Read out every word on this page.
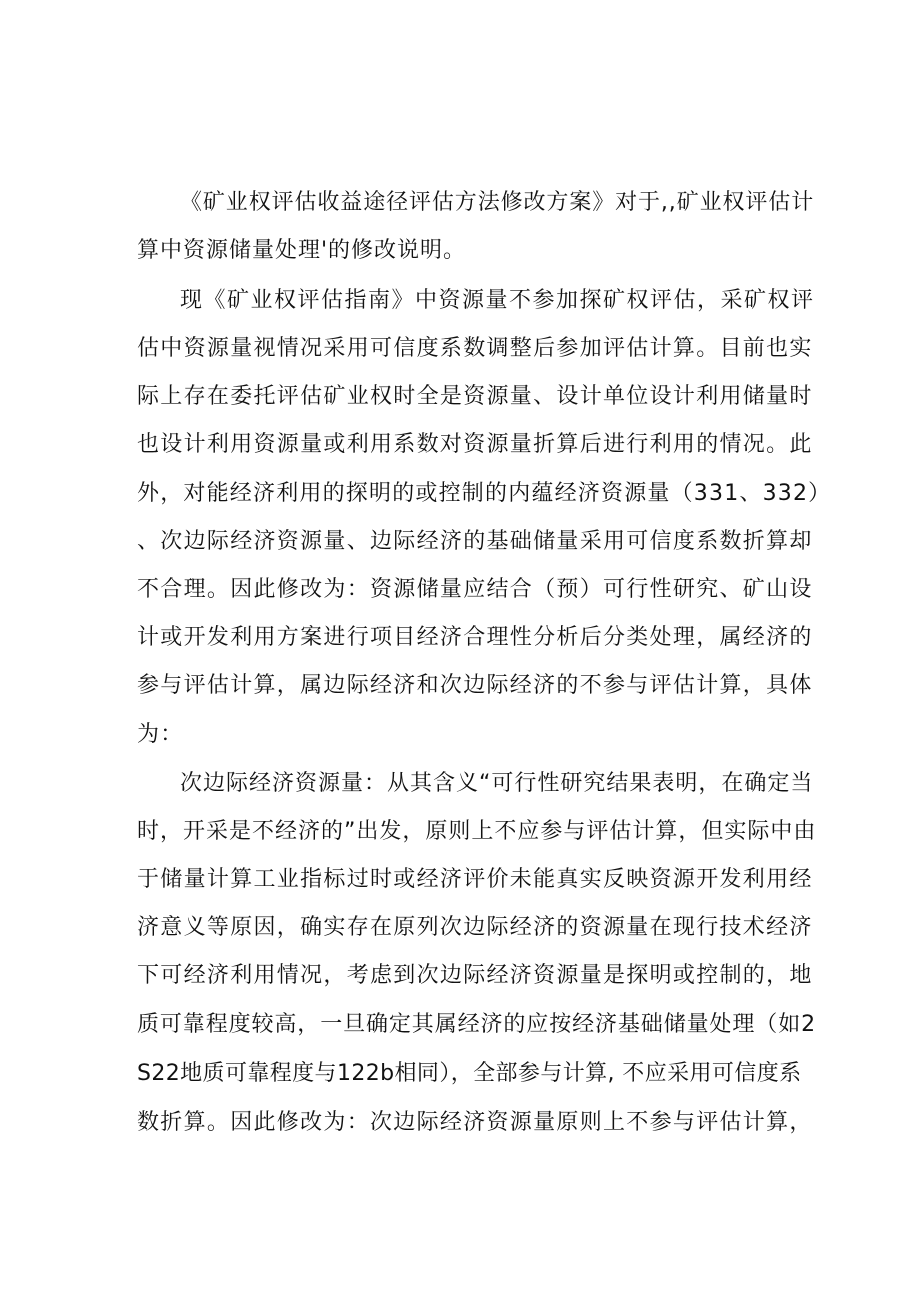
《矿业权评估收益途径评估方法修改方案》对于,,矿业权评估计
算中资源储量处理'的修改说明。
现《矿业权评估指南》中资源量不参加探矿权评估，采矿权评
估中资源量视情况采用可信度系数调整后参加评估计算。目前也实
际上存在委托评估矿业权时全是资源量、设计单位设计利用储量时
也设计利用资源量或利用系数对资源量折算后进行利用的情况。此
外，对能经济利用的探明的或控制的内蕴经济资源量（331、332）
、次边际经济资源量、边际经济的基础储量采用可信度系数折算却
不合理。因此修改为：资源储量应结合（预）可行性研究、矿山设
计或开发利用方案进行项目经济合理性分析后分类处理，属经济的
参与评估计算，属边际经济和次边际经济的不参与评估计算，具体
为：
次边际经济资源量：从其含义“可行性研究结果表明，在确定当
时，开采是不经济的”出发，原则上不应参与评估计算，但实际中由
于储量计算工业指标过时或经济评价未能真实反映资源开发利用经
济意义等原因，确实存在原列次边际经济的资源量在现行技术经济
下可经济利用情况，考虑到次边际经济资源量是探明或控制的，地
质可靠程度较高，一旦确定其属经济的应按经济基础储量处理（如2
S22地质可靠程度与122b相同），全部参与计算, 不应采用可信度系
数折算。因此修改为：次边际经济资源量原则上不参与评估计算，
